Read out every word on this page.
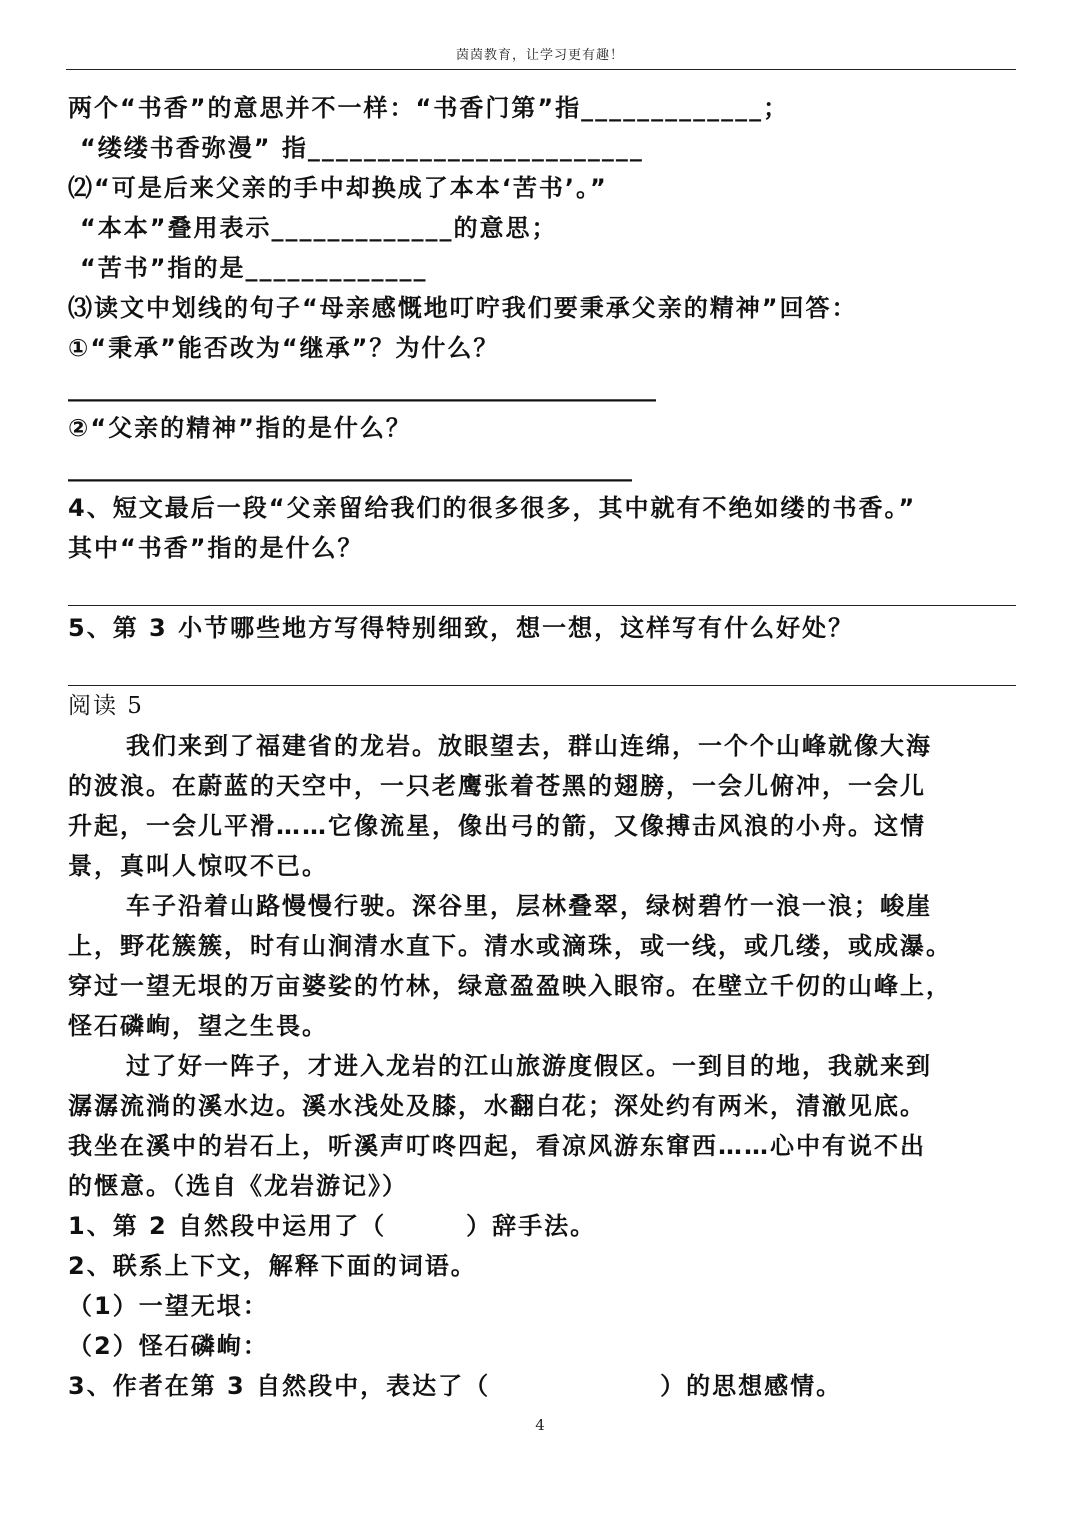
茵茵教育，让学习更有趣！
两个“书香”的意思并不一样：“书香门第”指_____________；
“缕缕书香弥漫” 指________________________
⑵“可是后来父亲的手中却换成了本本‘苦书’。”
“本本”叠用表示_____________的意思；
“苦书”指的是_____________
⑶读文中划线的句子“母亲感慨地叮咛我们要秉承父亲的精神”回答：
①“秉承”能否改为“继承”？为什么？
_________________________________________________
②“父亲的精神”指的是什么？
_______________________________________________
4、短文最后一段“父亲留给我们的很多很多，其中就有不绝如缕的书香。”
其中“书香”指的是什么？
5、第 3 小节哪些地方写得特别细致，想一想，这样写有什么好处？
阅读 5
我们来到了福建省的龙岩。放眼望去，群山连绵，一个个山峰就像大海
的波浪。在蔚蓝的天空中，一只老鹰张着苍黑的翅膀，一会儿俯冲，一会儿
升起，一会儿平滑……它像流星，像出弓的箭，又像搏击风浪的小舟。这情
景，真叫人惊叹不已。
车子沿着山路慢慢行驶。深谷里，层林叠翠，绿树碧竹一浪一浪；峻崖
上，野花簇簇，时有山涧清水直下。清水或滴珠，或一线，或几缕，或成瀑。
穿过一望无垠的万亩婆娑的竹林，绿意盈盈映入眼帘。在壁立千仞的山峰上，
怪石磷峋，望之生畏。
过了好一阵子，才进入龙岩的江山旅游度假区。一到目的地，我就来到
潺潺流淌的溪水边。溪水浅处及膝，水翻白花；深处约有两米，清澈见底。
我坐在溪中的岩石上，听溪声叮咚四起，看凉风游东窜西……心中有说不出
的惬意。（选自《龙岩游记》）
1、第 2 自然段中运用了（	）辞手法。
2、联系上下文，解释下面的词语。
（1）一望无垠：
（2）怪石磷峋：
3、作者在第 3 自然段中，表达了（	）的思想感情。
4
